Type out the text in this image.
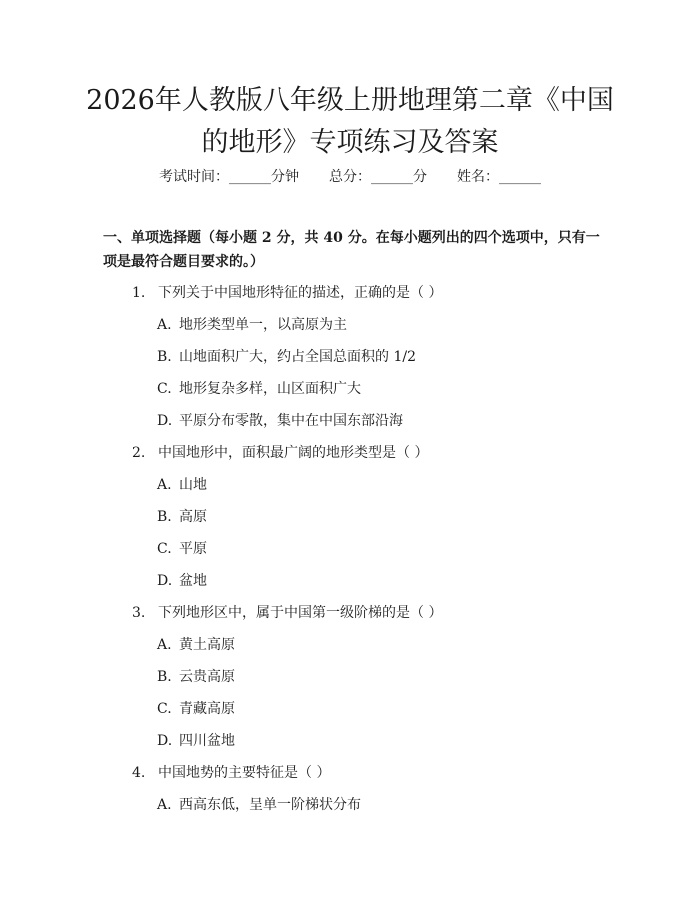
2026年人教版八年级上册地理第二章《中国的地形》专项练习及答案
考试时间：______分钟 总分：______分 姓名：______

一、单项选择题（每小题 2 分，共 40 分。在每小题列出的四个选项中，只有一项是最符合题目要求的。）

1. 下列关于中国地形特征的描述，正确的是（ ）
A. 地形类型单一，以高原为主
B. 山地面积广大，约占全国总面积的 1/2
C. 地形复杂多样，山区面积广大
D. 平原分布零散，集中在中国东部沿海
2. 中国地形中，面积最广阔的地形类型是（ ）
A. 山地
B. 高原
C. 平原
D. 盆地
3. 下列地形区中，属于中国第一级阶梯的是（ ）
A. 黄土高原
B. 云贵高原
C. 青藏高原
D. 四川盆地
4. 中国地势的主要特征是（ ）
A. 西高东低，呈单一阶梯状分布
